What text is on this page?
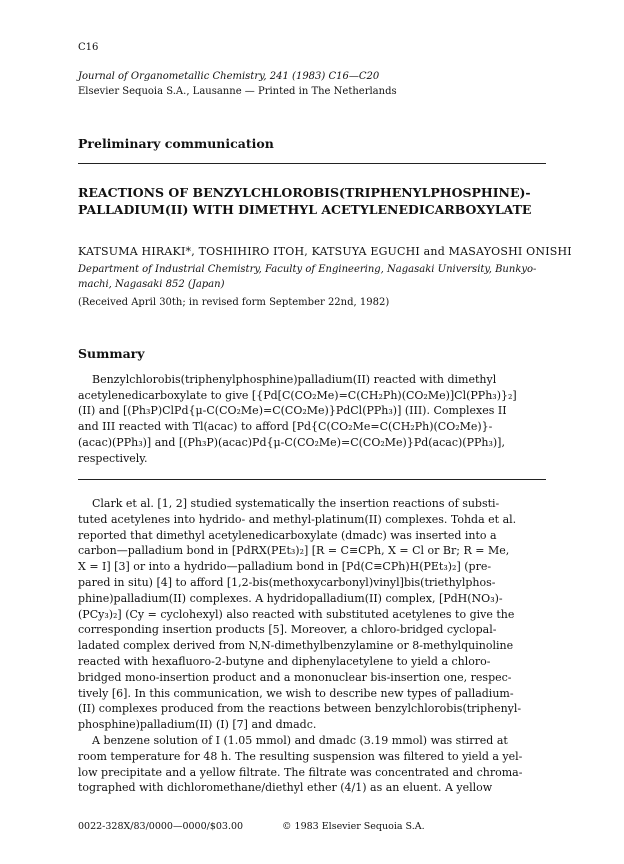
C16
Journal of Organometallic Chemistry, 241 (1983) C16—C20
Elsevier Sequoia S.A., Lausanne — Printed in The Netherlands
Preliminary communication
REACTIONS OF BENZYLCHLOROBIS(TRIPHENYLPHOSPHINE)-
PALLADIUM(II) WITH DIMETHYL ACETYLENEDICARBOXYLATE
KATSUMA HIRAKI*, TOSHIHIRO ITOH, KATSUYA EGUCHI and MASAYOSHI ONISHI
Department of Industrial Chemistry, Faculty of Engineering, Nagasaki University, Bunkyo-
machi, Nagasaki 852 (Japan)
(Received April 30th; in revised form September 22nd, 1982)
Summary
Benzylchlorobis(triphenylphosphine)palladium(II) reacted with dimethyl
acetylenedicarboxylate to give [{Pd[C(CO₂Me)=C(CH₂Ph)(CO₂Me)]Cl(PPh₃)}₂]
(II) and [(Ph₃P)ClPd{μ-C(CO₂Me)=C(CO₂Me)}PdCl(PPh₃)] (III). Complexes II
and III reacted with Tl(acac) to afford [Pd{C(CO₂Me=C(CH₂Ph)(CO₂Me)}-
(acac)(PPh₃)] and [(Ph₃P)(acac)Pd{μ-C(CO₂Me)=C(CO₂Me)}Pd(acac)(PPh₃)],
respectively.
Clark et al. [1, 2] studied systematically the insertion reactions of substi-
tuted acetylenes into hydrido- and methyl-platinum(II) complexes. Tohda et al.
reported that dimethyl acetylenedicarboxylate (dmadc) was inserted into a
carbon—palladium bond in [PdRX(PEt₃)₂] [R = C≡CPh, X = Cl or Br; R = Me,
X = I] [3] or into a hydrido—palladium bond in [Pd(C≡CPh)H(PEt₃)₂] (pre-
pared in situ) [4] to afford [1,2-bis(methoxycarbonyl)vinyl]bis(triethylphos-
phine)palladium(II) complexes. A hydridopalladium(II) complex, [PdH(NO₃)-
(PCy₃)₂] (Cy = cyclohexyl) also reacted with substituted acetylenes to give the
corresponding insertion products [5]. Moreover, a chloro-bridged cyclopal-
ladated complex derived from N,N-dimethylbenzylamine or 8-methylquinoline
reacted with hexafluoro-2-butyne and diphenylacetylene to yield a chloro-
bridged mono-insertion product and a mononuclear bis-insertion one, respec-
tively [6]. In this communication, we wish to describe new types of palladium-
(II) complexes produced from the reactions between benzylchlorobis(triphenyl-
phosphine)palladium(II) (I) [7] and dmadc.
A benzene solution of I (1.05 mmol) and dmadc (3.19 mmol) was stirred at
room temperature for 48 h. The resulting suspension was filtered to yield a yel-
low precipitate and a yellow filtrate. The filtrate was concentrated and chroma-
tographed with dichloromethane/diethyl ether (4/1) as an eluent. A yellow
0022-328X/83/0000—0000/$03.00	© 1983 Elsevier Sequoia S.A.
